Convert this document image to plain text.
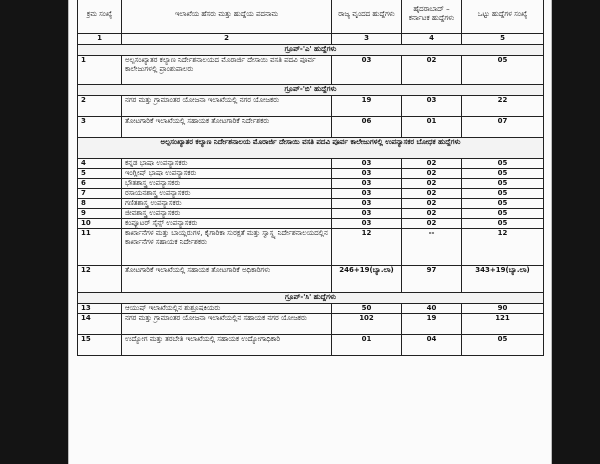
ಕ್ರಮ ಸಂಖ್ಯೆ	ಇಲಾಖೆಯ ಹೆಸರು ಮತ್ತು ಹುದ್ದೆಯ ಪದನಾಮ	ರಾಜ್ಯ ವೃಂದದ ಹುದ್ದೆಗಳು	ಹೈದರಾಬಾದ್ – ಕರ್ನಾಟಕ ಹುದ್ದೆಗಳು	ಒಟ್ಟು ಹುದ್ದೆಗಳ ಸಂಖ್ಯೆ
1	2	3	4	5
ಗ್ರೂಪ್-'ಎ' ಹುದ್ದೆಗಳು				
1	ಅಲ್ಪಸಂಖ್ಯಾತರ ಕಲ್ಯಾಣ ನಿರ್ದೇಶನಾಲಯದ ಮೊರಾರ್ಜಿ ದೇಸಾಯಿ ವಸತಿ ಪದವಿ ಪೂರ್ವ ಕಾಲೇಜುಗಳಲ್ಲಿ ಪ್ರಾಂಶುಪಾಲರು	03	02	05
ಗ್ರೂಪ್-'ಬಿ' ಹುದ್ದೆಗಳು				
2	ನಗರ ಮತ್ತು ಗ್ರಾಮಾಂತರ ಯೋಜನಾ ಇಲಾಖೆಯಲ್ಲಿ ನಗರ ಯೋಜಕರು	19	03	22
3	ತೋಟಗಾರಿಕೆ ಇಲಾಖೆಯಲ್ಲಿ ಸಹಾಯಕ ತೋಟಗಾರಿಕೆ ನಿರ್ದೇಶಕರು	06	01	07
ಅಲ್ಪಸಂಖ್ಯಾತರ ಕಲ್ಯಾಣ ನಿರ್ದೇಶನಾಲಯ ಮೊರಾರ್ಜಿ ದೇಸಾಯಿ ವಸತಿ ಪದವಿ ಪೂರ್ವ ಕಾಲೇಜುಗಳಲ್ಲಿ ಉಪನ್ಯಾಸಕರ ಬೋಧಕ ಹುದ್ದೆಗಳು				
4	ಕನ್ನಡ ಭಾಷಾ ಉಪನ್ಯಾಸಕರು	03	02	05
5	ಇಂಗ್ಲೀಷ್ ಭಾಷಾ ಉಪನ್ಯಾಸಕರು	03	02	05
6	ಭೌತಶಾಸ್ತ್ರ ಉಪನ್ಯಾಸಕರು	03	02	05
7	ರಸಾಯನಶಾಸ್ತ್ರ ಉಪನ್ಯಾಸಕರು	03	02	05
8	ಗಣಿತಶಾಸ್ತ್ರ ಉಪನ್ಯಾಸಕರು	03	02	05
9	ಜೀವಶಾಸ್ತ್ರ ಉಪನ್ಯಾಸಕರು	03	02	05
10	ಕಂಪ್ಯೂಟರ್ ಸೈನ್ಸ್ ಉಪನ್ಯಾಸಕರು	03	02	05
11	ಕಾರ್ಖಾನೆಗಳ ಮತ್ತು ಬಾಯ್ಲರುಗಳ, ಕೈಗಾರಿಕಾ ಸುರಕ್ಷತೆ ಮತ್ತು ಸ್ವಾಸ್ಥ್ಯ ನಿರ್ದೇಶನಾಲಯದಲ್ಲಿನ ಕಾರ್ಖಾನೆಗಳ ಸಹಾಯಕ ನಿರ್ದೇಶಕರು	12	--	12
12	ತೋಟಗಾರಿಕೆ ಇಲಾಖೆಯಲ್ಲಿ ಸಹಾಯಕ ತೋಟಗಾರಿಕೆ ಅಧಿಕಾರಿಗಳು	246+19(ಬ್ಯಾ.ಲಾ)	97	343+19(ಬ್ಯಾ.ಲಾ)
ಗ್ರೂಪ್-'ಸಿ' ಹುದ್ದೆಗಳು				
13	ಆಯುಷ್ ಇಲಾಖೆಯಲ್ಲಿನ ಶುಶ್ರೂಷಕಿಯರು	50	40	90
14	ನಗರ ಮತ್ತು ಗ್ರಾಮಾಂತರ ಯೋಜನಾ ಇಲಾಖೆಯಲ್ಲಿನ ಸಹಾಯಕ ನಗರ ಯೋಜಕರು	102	19	121
15	ಉದ್ಯೋಗ ಮತ್ತು ತರಬೇತಿ ಇಲಾಖೆಯಲ್ಲಿ ಸಹಾಯಕ ಉದ್ಯೋಗಾಧಿಕಾರಿ	01	04	05
